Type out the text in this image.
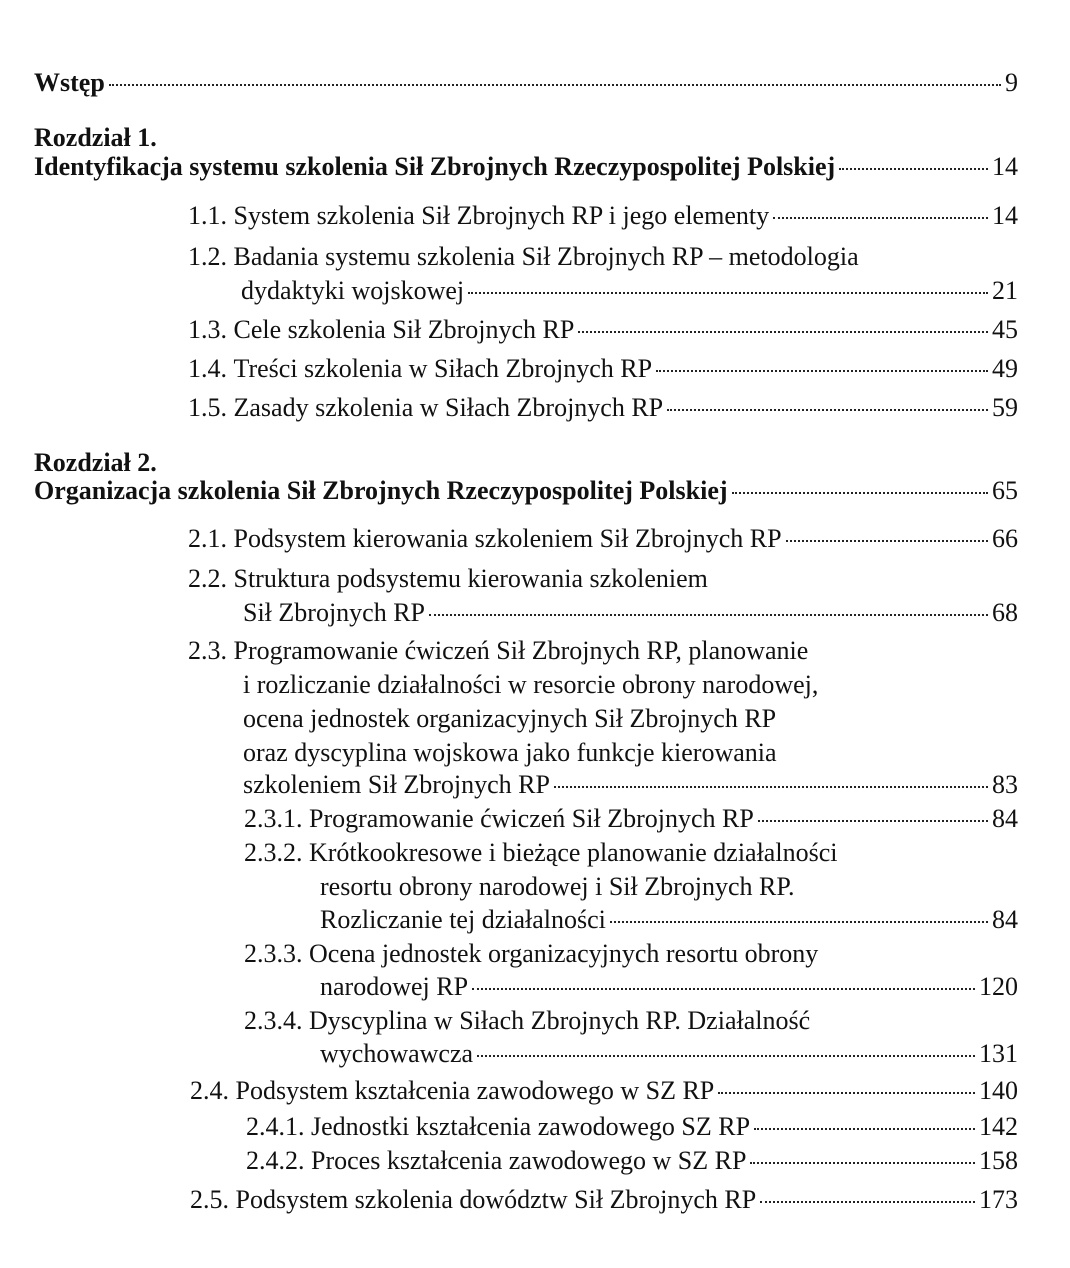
Wstęp	9
Rozdział 1.
Identyfikacja systemu szkolenia Sił Zbrojnych Rzeczypospolitej Polskiej	14
1.1.
System szkolenia Sił Zbrojnych RP i jego elementy	14
1.2. Badania systemu szkolenia Sił Zbrojnych RP – metodologia
dydaktyki wojskowej	21
1.3.
Cele szkolenia Sił Zbrojnych RP	45
1.4.
Treści szkolenia w Siłach Zbrojnych RP	49
1.5.
Zasady szkolenia w Siłach Zbrojnych RP	59
Rozdział 2.
Organizacja szkolenia Sił Zbrojnych Rzeczypospolitej Polskiej	65
2.1.
Podsystem kierowania szkoleniem Sił Zbrojnych RP	66
2.2. Struktura podsystemu kierowania szkoleniem
Sił Zbrojnych RP	68
2.3. Programowanie ćwiczeń Sił Zbrojnych RP, planowanie
i rozliczanie działalności w resorcie obrony narodowej,
ocena jednostek organizacyjnych Sił Zbrojnych RP
oraz dyscyplina wojskowa jako funkcje kierowania
szkoleniem Sił Zbrojnych RP	83
2.3.1.
Programowanie ćwiczeń Sił Zbrojnych RP	84
2.3.2. Krótkookresowe i bieżące planowanie działalności
resortu obrony narodowej i Sił Zbrojnych RP.
Rozliczanie tej działalności	84
2.3.3. Ocena jednostek organizacyjnych resortu obrony
narodowej RP	120
2.3.4. Dyscyplina w Siłach Zbrojnych RP. Działalność
wychowawcza	131
2.4.
Podsystem kształcenia zawodowego w SZ RP	140
2.4.1.
Jednostki kształcenia zawodowego SZ RP	142
2.4.2.
Proces kształcenia zawodowego w SZ RP	158
2.5.
Podsystem szkolenia dowództw Sił Zbrojnych RP	173
